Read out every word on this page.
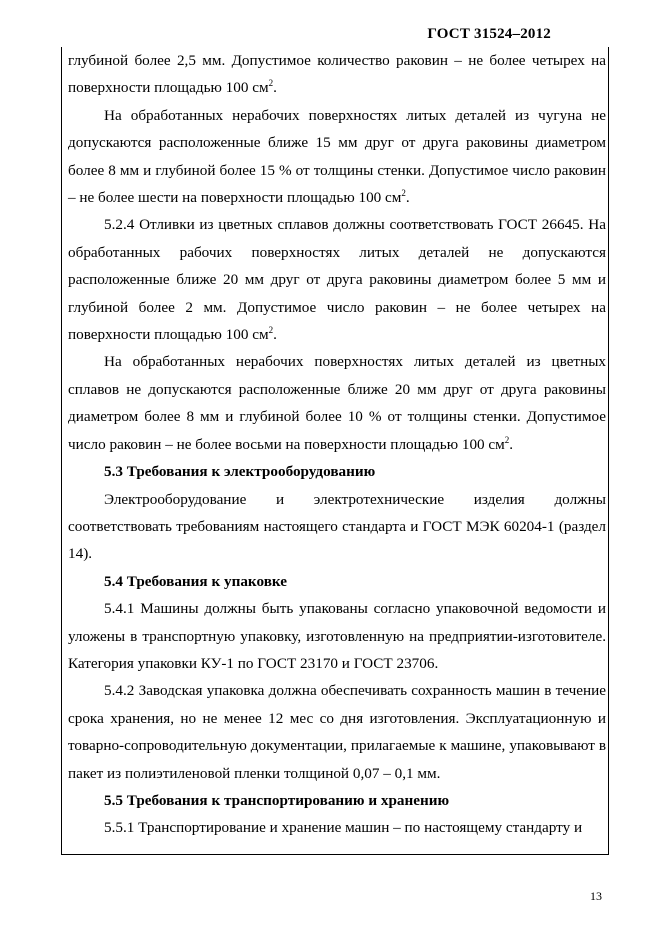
ГОСТ 31524–2012

глубиной более 2,5 мм. Допустимое количество раковин – не более четырех на поверхности площадью 100 $см^2$.

На обработанных нерабочих поверхностях литых деталей из чугуна не допускаются расположенные ближе 15 мм друг от друга раковины диаметром более 8 мм и глубиной более 15 % от толщины стенки. Допустимое число раковин – не более шести на поверхности площадью 100 $см^2$.

5.2.4 Отливки из цветных сплавов должны соответствовать ГОСТ 26645. На обработанных рабочих поверхностях литых деталей не допускаются расположенные ближе 20 мм друг от друга раковины диаметром более 5 мм и глубиной более 2 мм. Допустимое число раковин – не более четырех на поверхности площадью 100 $см^2$.

На обработанных нерабочих поверхностях литых деталей из цветных сплавов не допускаются расположенные ближе 20 мм друг от друга раковины диаметром более 8 мм и глубиной более 10 % от толщины стенки. Допустимое число раковин – не более восьми на поверхности площадью 100 $см^2$.

5.3 Требования к электрооборудованию

Электрооборудование и электротехнические изделия должны соответствовать требованиям настоящего стандарта и ГОСТ МЭК 60204-1 (раздел 14).

5.4 Требования к упаковке

5.4.1 Машины должны быть упакованы согласно упаковочной ведомости и уложены в транспортную упаковку, изготовленную на предприятии-изготовителе. Категория упаковки КУ-1 по ГОСТ 23170 и ГОСТ 23706.

5.4.2 Заводская упаковка должна обеспечивать сохранность машин в течение срока хранения, но не менее 12 мес со дня изготовления. Эксплуатационную и товарно-сопроводительную документации, прилагаемые к машине, упаковывают в пакет из полиэтиленовой пленки толщиной 0,07 – 0,1 мм.

5.5 Требования к транспортированию и хранению

5.5.1 Транспортирование и хранение машин – по настоящему стандарту и

13
